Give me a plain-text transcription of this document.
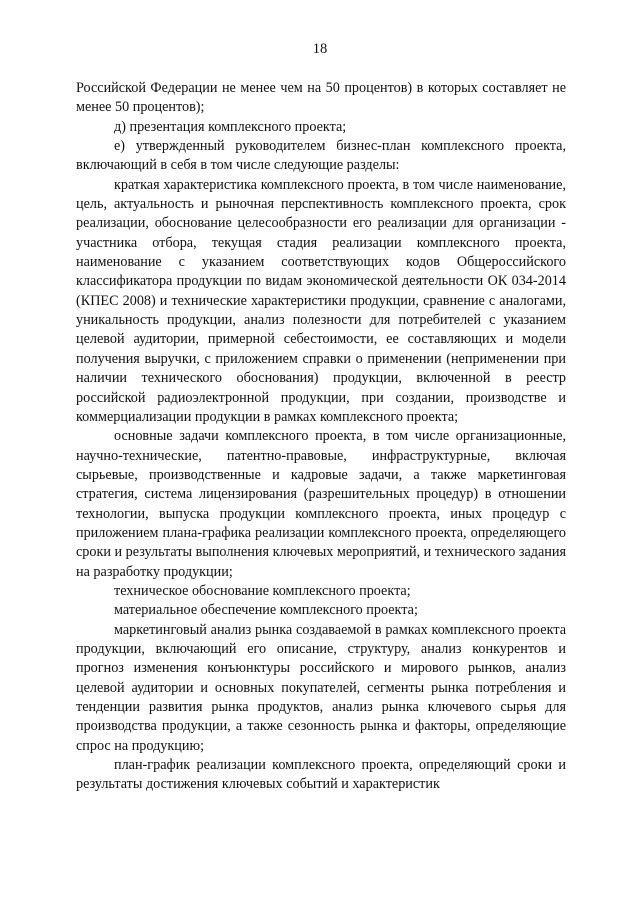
18

Российской Федерации не менее чем на 50 процентов) в которых составляет не менее 50 процентов);

д) презентация комплексного проекта;

е) утвержденный руководителем бизнес-план комплексного проекта, включающий в себя в том числе следующие разделы:

краткая характеристика комплексного проекта, в том числе наименование, цель, актуальность и рыночная перспективность комплексного проекта, срок реализации, обоснование целесообразности его реализации для организации - участника отбора, текущая стадия реализации комплексного проекта, наименование с указанием соответствующих кодов Общероссийского классификатора продукции по видам экономической деятельности ОК 034-2014 (КПЕС 2008) и технические характеристики продукции, сравнение с аналогами, уникальность продукции, анализ полезности для потребителей с указанием целевой аудитории, примерной себестоимости, ее составляющих и модели получения выручки, с приложением справки о применении (неприменении при наличии технического обоснования) продукции, включенной в реестр российской радиоэлектронной продукции, при создании, производстве и коммерциализации продукции в рамках комплексного проекта;

основные задачи комплексного проекта, в том числе организационные, научно-технические, патентно-правовые, инфраструктурные, включая сырьевые, производственные и кадровые задачи, а также маркетинговая стратегия, система лицензирования (разрешительных процедур) в отношении технологии, выпуска продукции комплексного проекта, иных процедур с приложением плана-графика реализации комплексного проекта, определяющего сроки и результаты выполнения ключевых мероприятий, и технического задания на разработку продукции;

техническое обоснование комплексного проекта;

материальное обеспечение комплексного проекта;

маркетинговый анализ рынка создаваемой в рамках комплексного проекта продукции, включающий его описание, структуру, анализ конкурентов и прогноз изменения конъюнктуры российского и мирового рынков, анализ целевой аудитории и основных покупателей, сегменты рынка потребления и тенденции развития рынка продуктов, анализ рынка ключевого сырья для производства продукции, а также сезонность рынка и факторы, определяющие спрос на продукцию;

план-график реализации комплексного проекта, определяющий сроки и результаты достижения ключевых событий и характеристик
